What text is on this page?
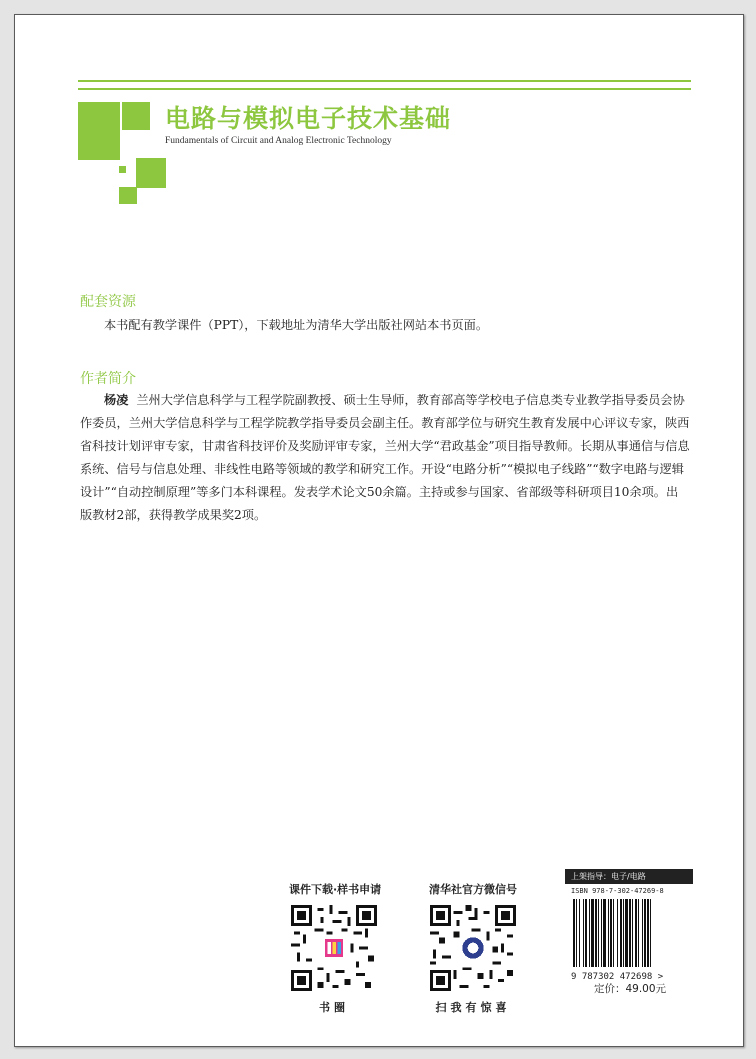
电路与模拟电子技术基础
Fundamentals of Circuit and Analog Electronic Technology
配套资源

本书配有教学课件（PPT），下载地址为清华大学出版社网站本书页面。

作者简介

杨凌 兰州大学信息科学与工程学院副教授、硕士生导师，教育部高等学校电子信息类专业教学指导委员会协作委员，兰州大学信息科学与工程学院教学指导委员会副主任。教育部学位与研究生教育发展中心评议专家，陕西省科技计划评审专家，甘肃省科技评价及奖励评审专家，兰州大学“君政基金”项目指导教师。长期从事通信与信息系统、信号与信息处理、非线性电路等领域的教学和研究工作。开设“电路分析”“模拟电子线路”“数字电路与逻辑设计”“自动控制原理”等多门本科课程。发表学术论文50余篇。主持或参与国家、省部级等科研项目10余项。出版教材2部，获得教学成果奖2项。

课件下载·样书申请
书圈
清华社官方微信号
扫我有惊喜
上架指导：电子/电路
ISBN 978-7-302-47269-8
9 787302 472698 >
定价：49.00元
